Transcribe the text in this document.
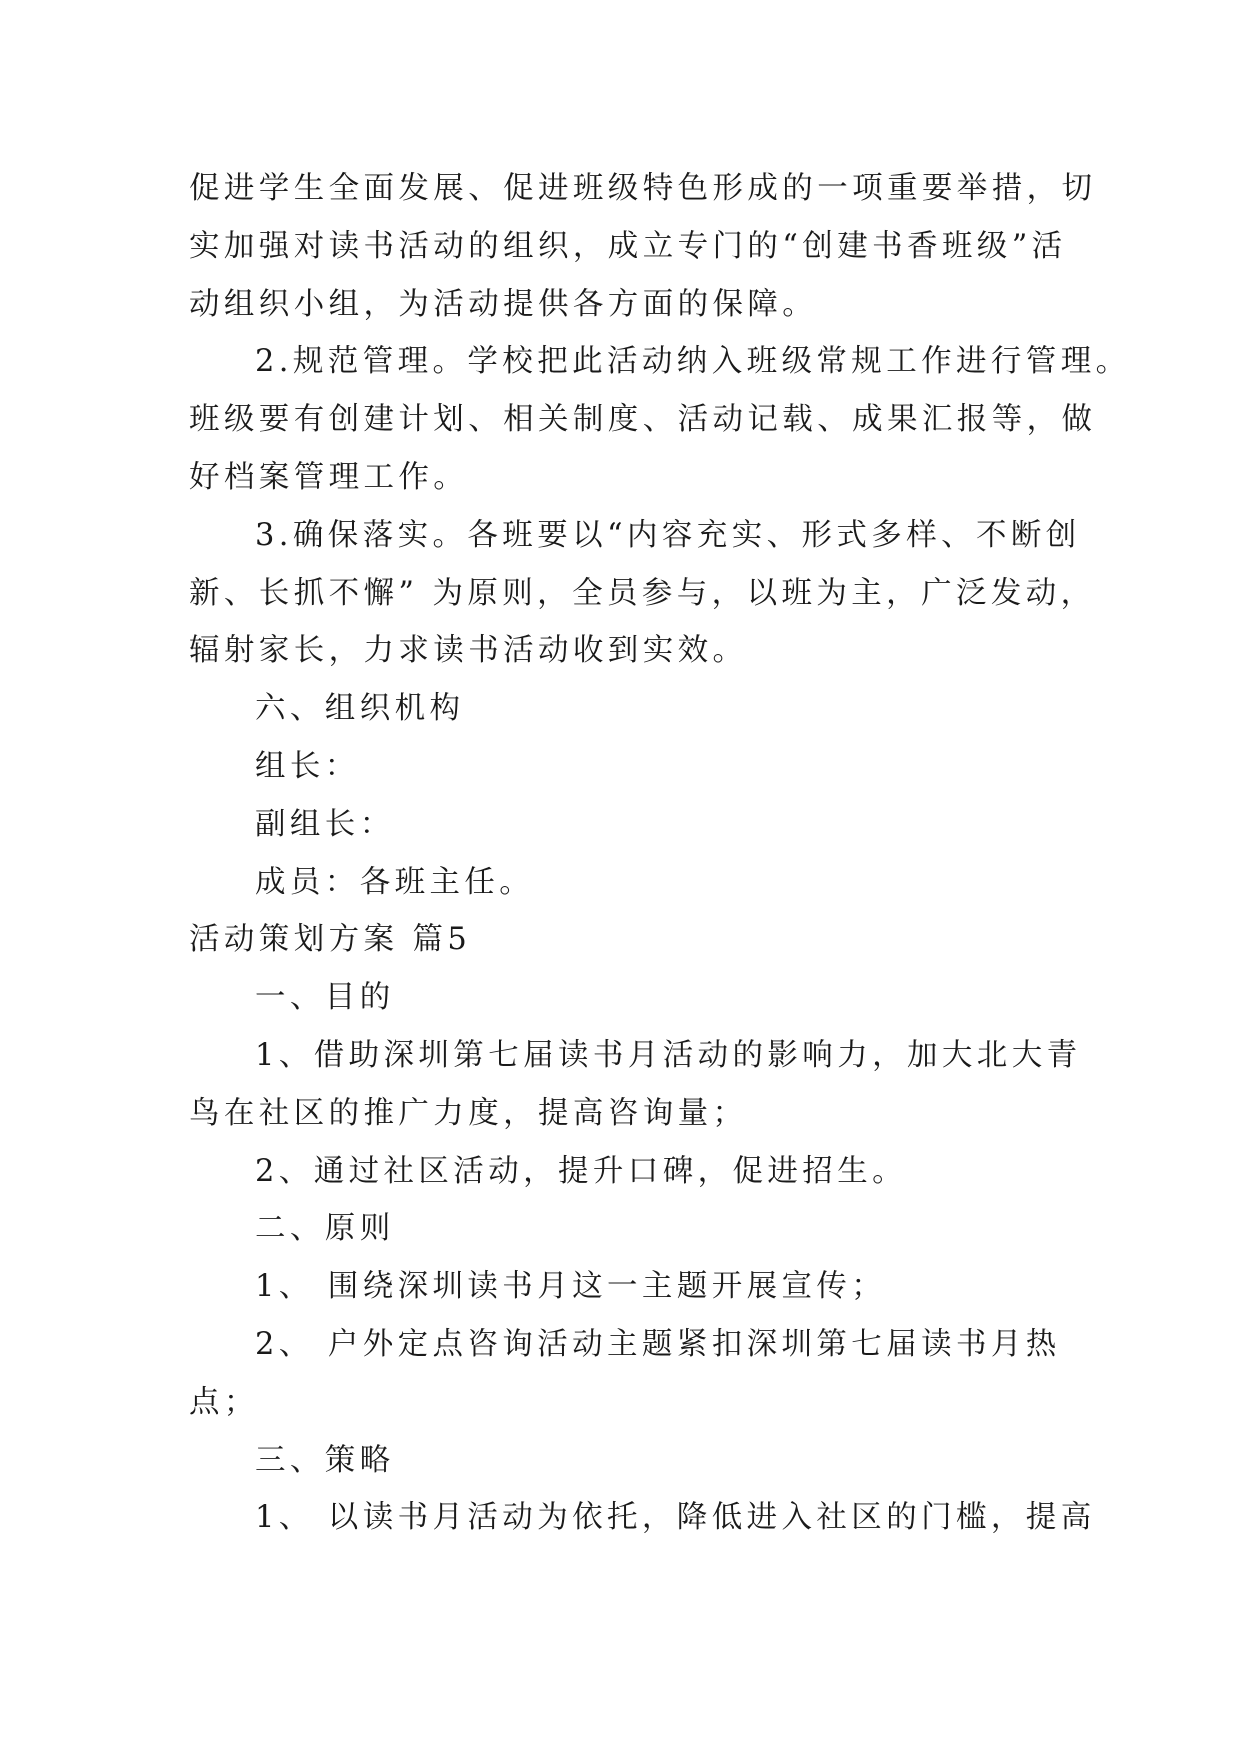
促进学生全面发展、促进班级特色形成的一项重要举措，切
实加强对读书活动的组织，成立专门的“创建书香班级”活
动组织小组，为活动提供各方面的保障。
2.规范管理。学校把此活动纳入班级常规工作进行管理。
班级要有创建计划、相关制度、活动记载、成果汇报等，做
好档案管理工作。
3.确保落实。各班要以“内容充实、形式多样、不断创
新、长抓不懈” 为原则，全员参与，以班为主，广泛发动，
辐射家长，力求读书活动收到实效。
六、组织机构
组长：
副组长：
成员：各班主任。
活动策划方案 篇5
一、目的
1、借助深圳第七届读书月活动的影响力，加大北大青
鸟在社区的推广力度，提高咨询量；
2、通过社区活动，提升口碑，促进招生。
二、原则
1、 围绕深圳读书月这一主题开展宣传；
2、 户外定点咨询活动主题紧扣深圳第七届读书月热
点；
三、策略
1、 以读书月活动为依托，降低进入社区的门槛，提高
